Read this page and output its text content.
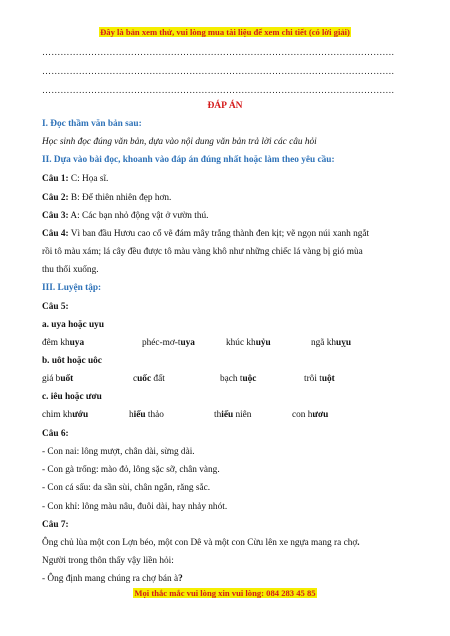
Đây là bản xem thử, vui lòng mua tài liệu để xem chi tiết (có lời giải)
…………………………………………………………………………………………………….
…………………………………………………………………………………………………….
…………………………………………………………………………………………………….
ĐÁP ÁN
I. Đọc thầm văn bản sau:
Học sinh đọc đúng văn bản, dựa vào nội dung văn bản trả lời các câu hỏi
II. Dựa vào bài đọc, khoanh vào đáp án đúng nhất hoặc làm theo yêu cầu:
Câu 1: C: Họa sĩ.
Câu 2: B: Để thiên nhiên đẹp hơn.
Câu 3: A: Các bạn nhỏ động vật ở vườn thú.
Câu 4: Vì ban đầu Hươu cao cổ vẽ đám mây trắng thành đen kịt; vẽ ngọn núi xanh ngắt
rồi tô màu xám; lá cây đều được tô màu vàng khô như những chiếc lá vàng bị gió mùa
thu thổi xuống.
III. Luyện tập:
Câu 5:
a. uya hoặc uyu
đêm khuya	phéc-mơ-tuya	khúc khuỷu	ngã khuỵu
b. uôt hoặc uôc
giá buốt	cuốc đất	bạch tuộc	trôi tuột
c. iêu hoặc ươu
chim khướu	hiếu thảo	thiếu niên	con hươu
Câu 6:
- Con nai: lông mượt, chân dài, sừng dài.
- Con gà trống: mào đỏ, lông sặc sỡ, chân vàng.
- Con cá sấu: da sần sùi, chân ngắn, răng sắc.
- Con khỉ: lông màu nâu, đuôi dài, hay nhảy nhót.
Câu 7:
Ông chủ lùa một con Lợn béo, một con Dê và một con Cừu lên xe ngựa mang ra chợ.
Người trong thôn thấy vậy liền hỏi:
- Ông định mang chúng ra chợ bán à?
Mọi thắc mắc vui lòng xin vui lòng: 084 283 45 85
